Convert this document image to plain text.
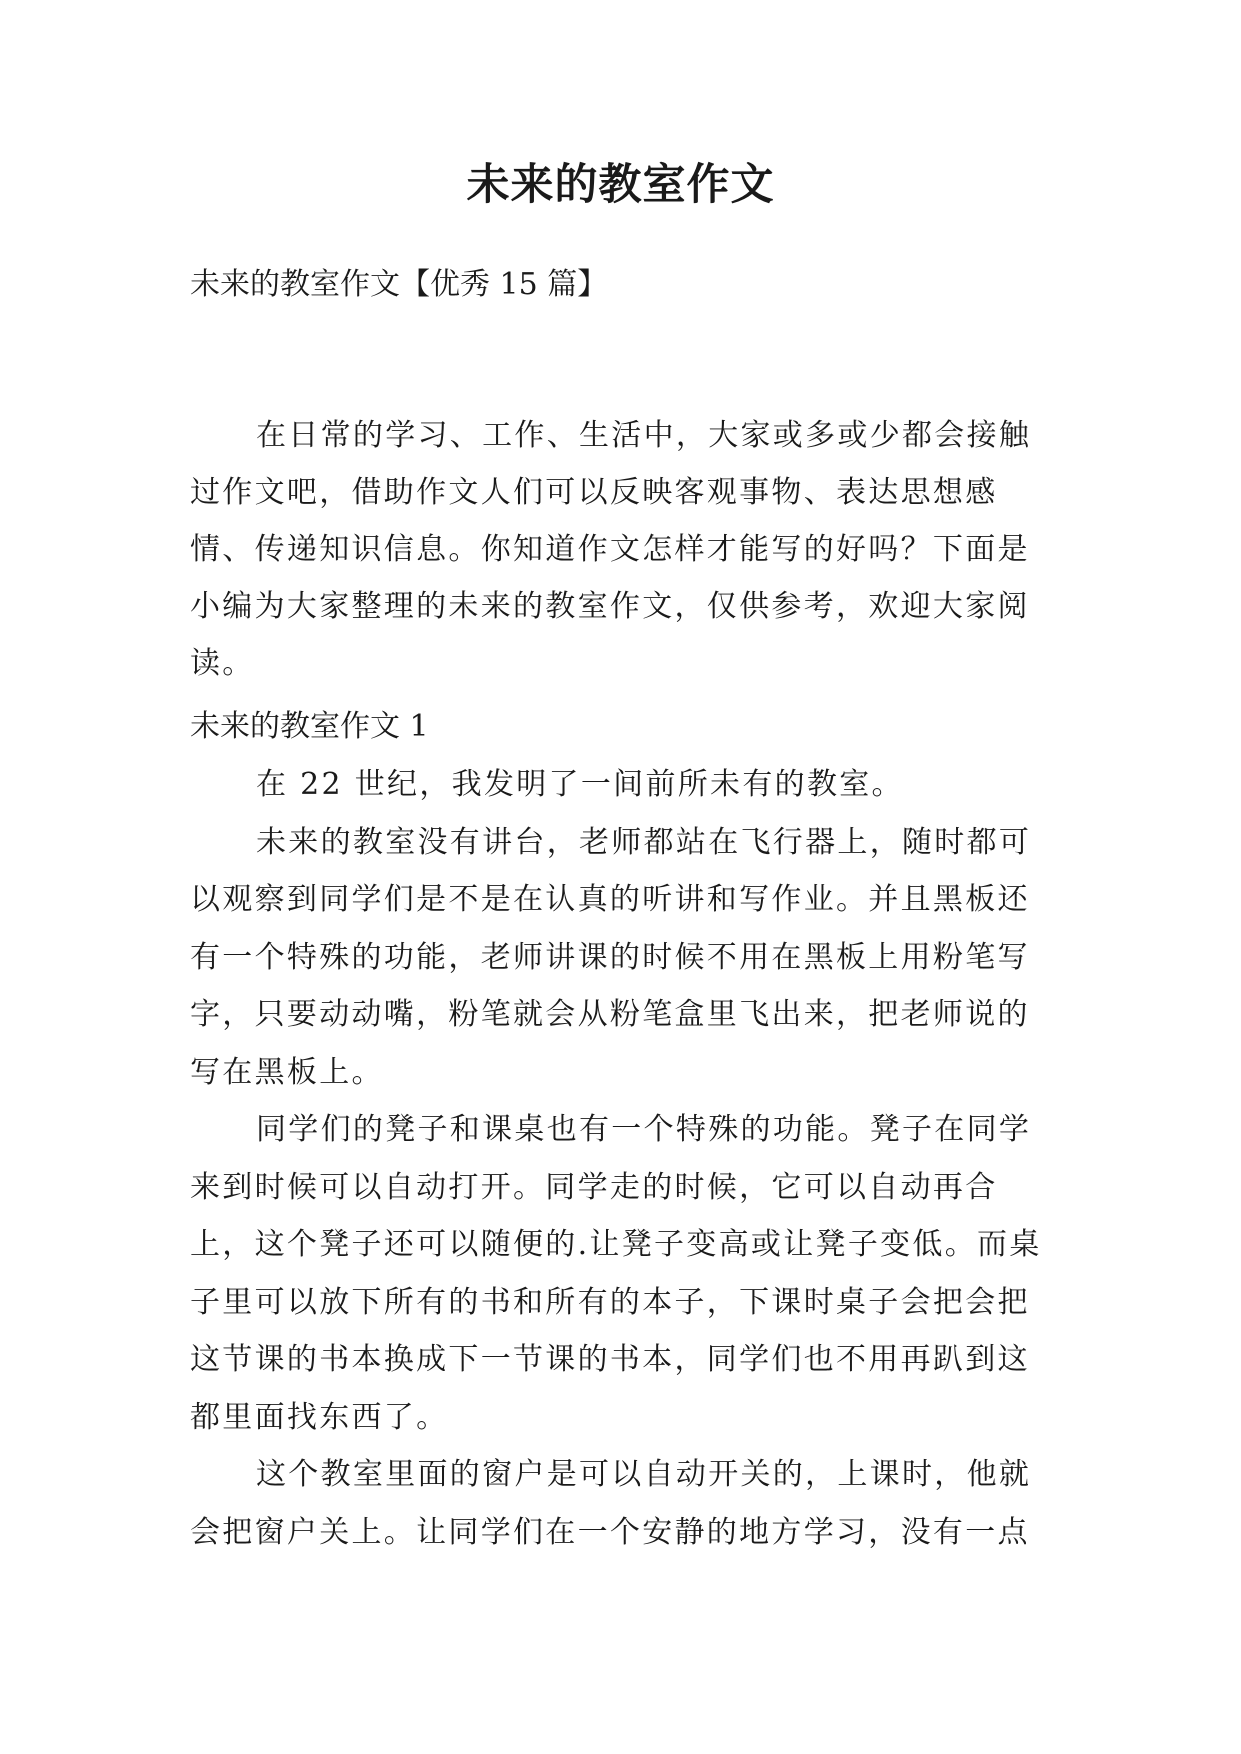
未来的教室作文
未来的教室作文【优秀 15 篇】

在日常的学习、工作、生活中，大家或多或少都会接触过作文吧，借助作文人们可以反映客观事物、表达思想感情、传递知识信息。你知道作文怎样才能写的好吗？下面是小编为大家整理的未来的教室作文，仅供参考，欢迎大家阅读。

未来的教室作文 1

在 22 世纪，我发明了一间前所未有的教室。

未来的教室没有讲台，老师都站在飞行器上，随时都可以观察到同学们是不是在认真的听讲和写作业。并且黑板还有一个特殊的功能，老师讲课的时候不用在黑板上用粉笔写字，只要动动嘴，粉笔就会从粉笔盒里飞出来，把老师说的写在黑板上。

同学们的凳子和课桌也有一个特殊的功能。凳子在同学来到时候可以自动打开。同学走的时候，它可以自动再合上，这个凳子还可以随便的.让凳子变高或让凳子变低。而桌子里可以放下所有的书和所有的本子，下课时桌子会把会把这节课的书本换成下一节课的书本，同学们也不用再趴到这都里面找东西了。

这个教室里面的窗户是可以自动开关的，上课时，他就会把窗户关上。让同学们在一个安静的地方学习，没有一点
